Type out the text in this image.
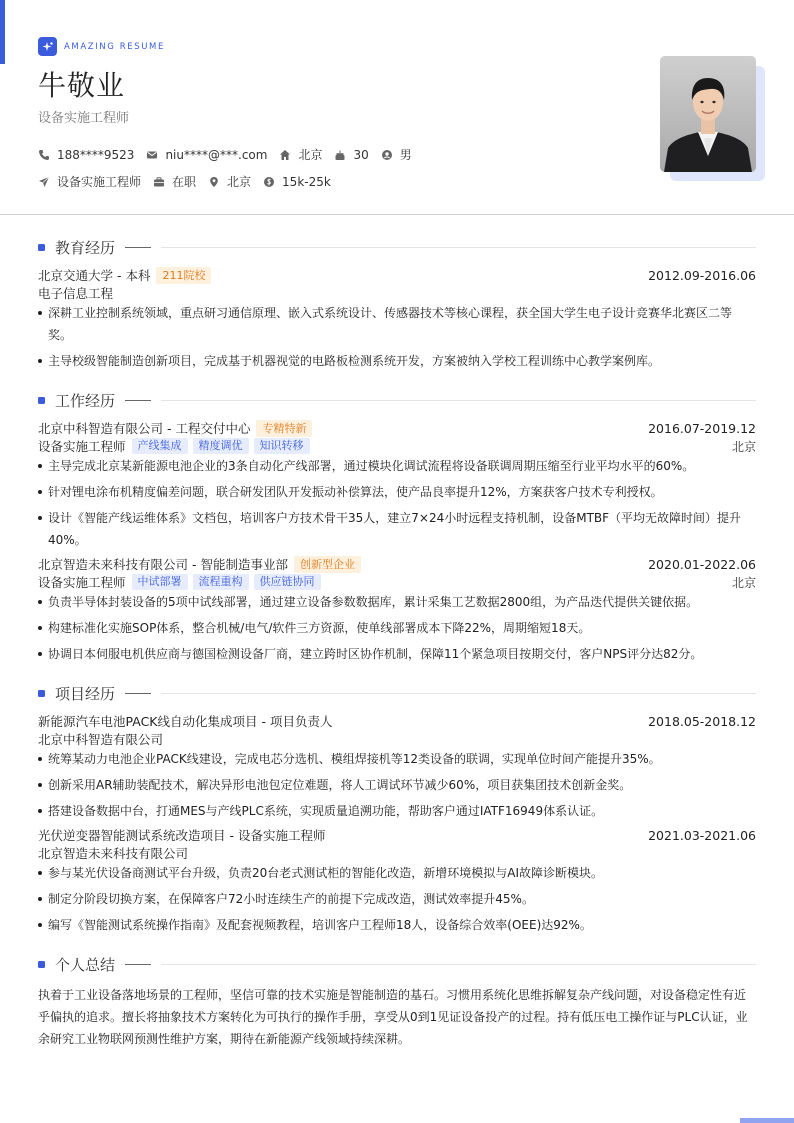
AMAZING RESUME
牛敬业
设备实施工程师
188****9523	niu****@***.com	北京	30	男
设备实施工程师	在职	北京	15k-25k
教育经历
北京交通大学 - 本科	211院校	2012.09-2016.06
电子信息工程
深耕工业控制系统领域，重点研习通信原理、嵌入式系统设计、传感器技术等核心课程，获全国大学生电子设计竞赛华北赛区二等奖。
主导校级智能制造创新项目，完成基于机器视觉的电路板检测系统开发，方案被纳入学校工程训练中心教学案例库。
工作经历
北京中科智造有限公司 - 工程交付中心	专精特新	2016.07-2019.12
设备实施工程师	产线集成	精度调优	知识转移	北京
主导完成北京某新能源电池企业的3条自动化产线部署，通过模块化调试流程将设备联调周期压缩至行业平均水平的60%。
针对锂电涂布机精度偏差问题，联合研发团队开发振动补偿算法，使产品良率提升12%，方案获客户技术专利授权。
设计《智能产线运维体系》文档包，培训客户方技术骨干35人，建立7×24小时远程支持机制，设备MTBF（平均无故障时间）提升40%。
北京智造未来科技有限公司 - 智能制造事业部	创新型企业	2020.01-2022.06
设备实施工程师	中试部署	流程重构	供应链协同	北京
负责半导体封装设备的5项中试线部署，通过建立设备参数数据库，累计采集工艺数据2800组，为产品迭代提供关键依据。
构建标准化实施SOP体系，整合机械/电气/软件三方资源，使单线部署成本下降22%，周期缩短18天。
协调日本伺服电机供应商与德国检测设备厂商，建立跨时区协作机制，保障11个紧急项目按期交付，客户NPS评分达82分。
项目经历
新能源汽车电池PACK线自动化集成项目 - 项目负责人	2018.05-2018.12
北京中科智造有限公司
统筹某动力电池企业PACK线建设，完成电芯分选机、模组焊接机等12类设备的联调，实现单位时间产能提升35%。
创新采用AR辅助装配技术，解决异形电池包定位难题，将人工调试环节减少60%，项目获集团技术创新金奖。
搭建设备数据中台，打通MES与产线PLC系统，实现质量追溯功能，帮助客户通过IATF16949体系认证。
光伏逆变器智能测试系统改造项目 - 设备实施工程师	2021.03-2021.06
北京智造未来科技有限公司
参与某光伏设备商测试平台升级，负责20台老式测试柜的智能化改造，新增环境模拟与AI故障诊断模块。
制定分阶段切换方案，在保障客户72小时连续生产的前提下完成改造，测试效率提升45%。
编写《智能测试系统操作指南》及配套视频教程，培训客户工程师18人，设备综合效率(OEE)达92%。
个人总结

执着于工业设备落地场景的工程师，坚信可靠的技术实施是智能制造的基石。习惯用系统化思维拆解复杂产线问题，对设备稳定性有近乎偏执的追求。擅长将抽象技术方案转化为可执行的操作手册，享受从0到1见证设备投产的过程。持有低压电工操作证与PLC认证，业余研究工业物联网预测性维护方案，期待在新能源产线领域持续深耕。
